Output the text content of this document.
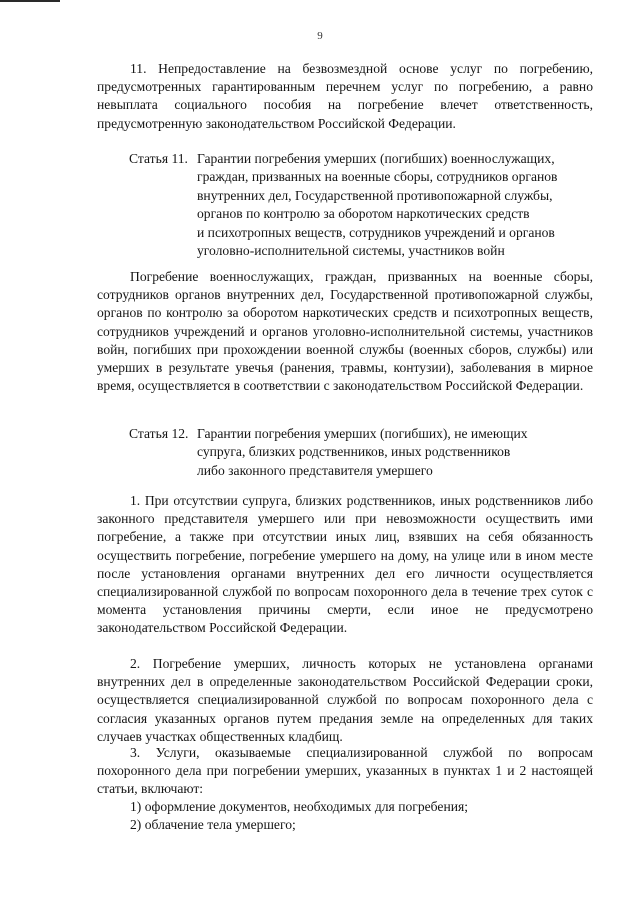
9

11. Непредоставление на безвозмездной основе услуг по погребению, предусмотренных гарантированным перечнем услуг по погребению, а равно невыплата социального пособия на погребение влечет ответственность, предусмотренную законодательством Российской Федерации.

Статья 11. Гарантии погребения умерших (погибших) военнослужащих,
граждан, призванных на военные сборы, сотрудников органов
внутренних дел, Государственной противопожарной службы,
органов по контролю за оборотом наркотических средств
и психотропных веществ, сотрудников учреждений и органов
уголовно-исполнительной системы, участников войн

Погребение военнослужащих, граждан, призванных на военные сборы, сотрудников органов внутренних дел, Государственной противопожарной службы, органов по контролю за оборотом наркотических средств и психотропных веществ, сотрудников учреждений и органов уголовно-исполнительной системы, участников войн, погибших при прохождении военной службы (военных сборов, службы) или умерших в результате увечья (ранения, травмы, контузии), заболевания в мирное время, осуществляется в соответствии с законодательством Российской Федерации.

Статья 12. Гарантии погребения умерших (погибших), не имеющих
супруга, близких родственников, иных родственников
либо законного представителя умершего

1. При отсутствии супруга, близких родственников, иных родственников либо законного представителя умершего или при невозможности осуществить ими погребение, а также при отсутствии иных лиц, взявших на себя обязанность осуществить погребение, погребение умершего на дому, на улице или в ином месте после установления органами внутренних дел его личности осуществляется специализированной службой по вопросам похоронного дела в течение трех суток с момента установления причины смерти, если иное не предусмотрено законодательством Российской Федерации.

2. Погребение умерших, личность которых не установлена органами внутренних дел в определенные законодательством Российской Федерации сроки, осуществляется специализированной службой по вопросам похоронного дела с согласия указанных органов путем предания земле на определенных для таких случаев участках общественных кладбищ.

3. Услуги, оказываемые специализированной службой по вопросам похоронного дела при погребении умерших, указанных в пунктах 1 и 2 настоящей статьи, включают:

1) оформление документов, необходимых для погребения;

2) облачение тела умершего;
